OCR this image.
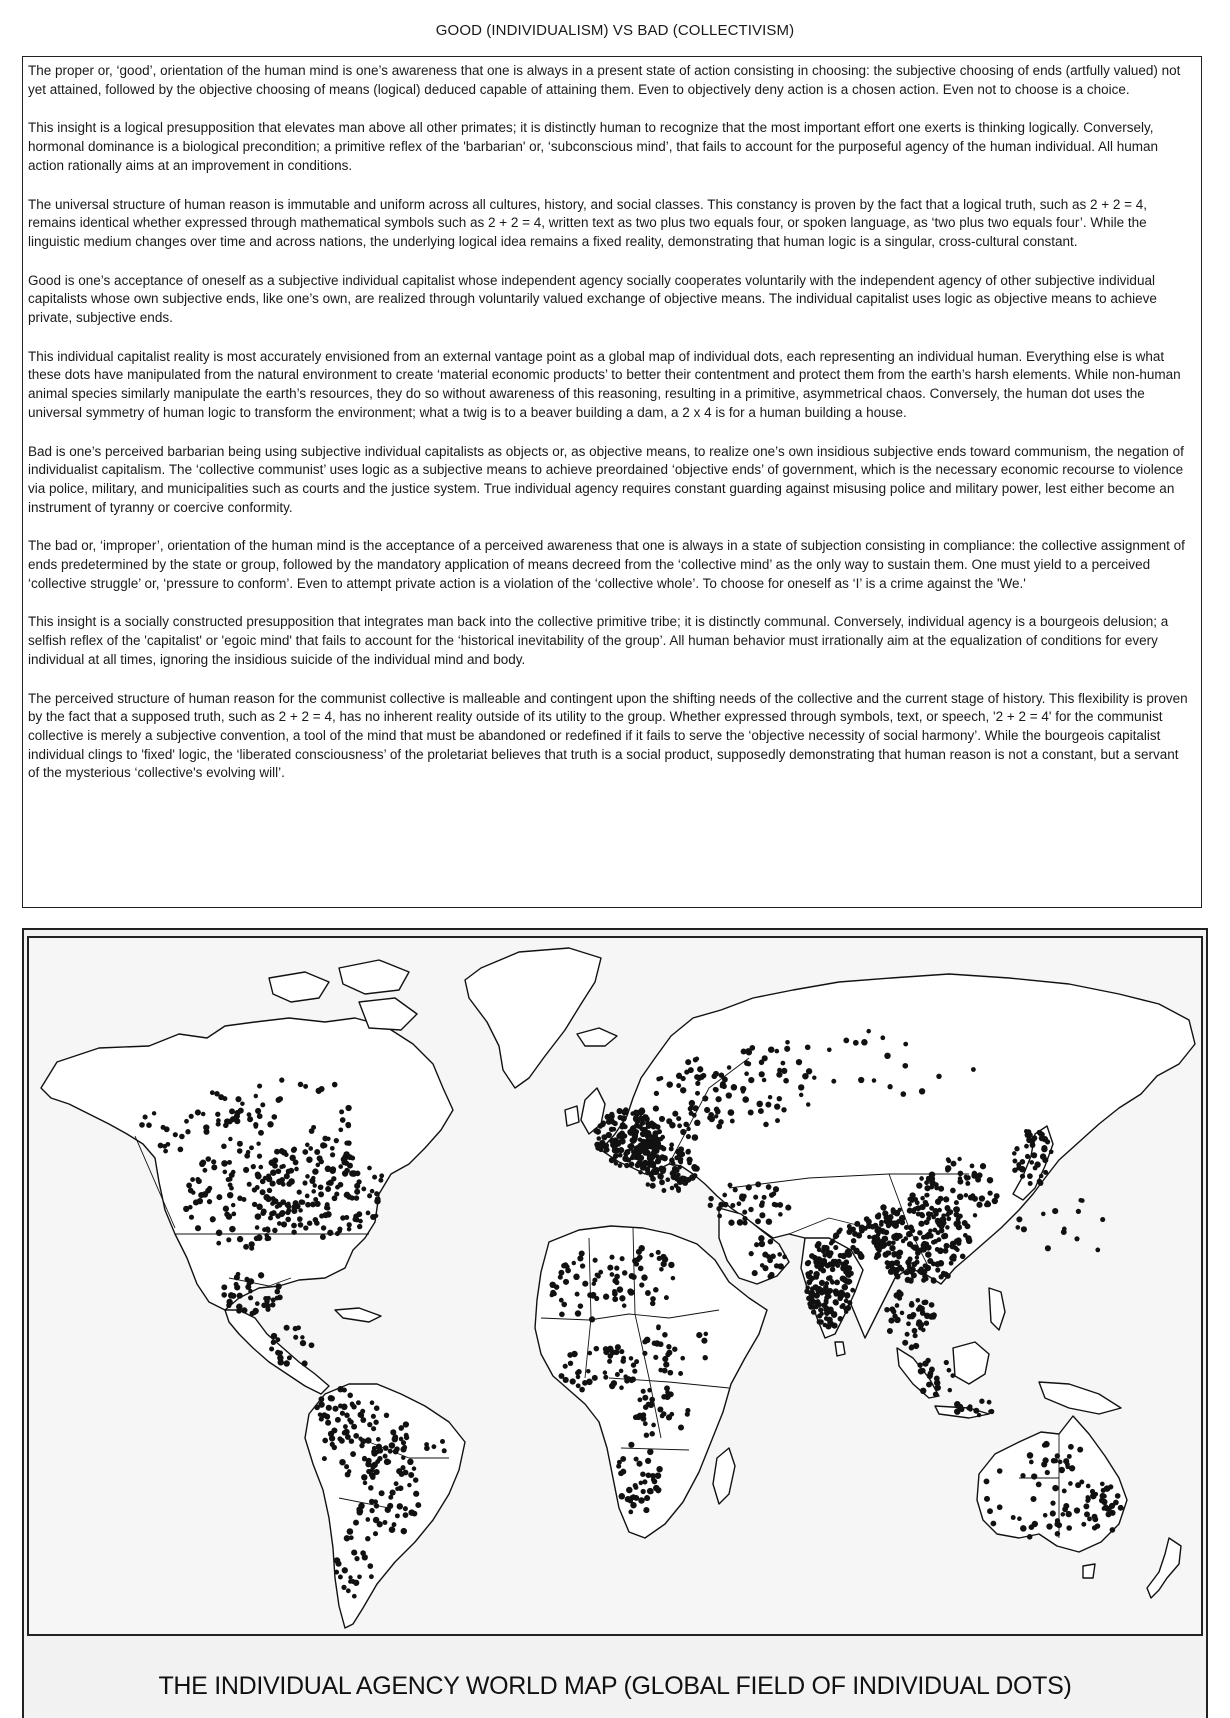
GOOD (INDIVIDUALISM) VS BAD (COLLECTIVISM)

The proper or, ‘good’, orientation of the human mind is one’s awareness that one is always in a present state of action consisting in choosing: the subjective choosing of ends (artfully valued) not yet attained, followed by the objective choosing of means (logical) deduced capable of attaining them. Even to objectively deny action is a chosen action. Even not to choose is a choice.

This insight is a logical presupposition that elevates man above all other primates; it is distinctly human to recognize that the most important effort one exerts is thinking logically. Conversely, hormonal dominance is a biological precondition; a primitive reflex of the 'barbarian' or, ‘subconscious mind’, that fails to account for the purposeful agency of the human individual. All human action rationally aims at an improvement in conditions.

The universal structure of human reason is immutable and uniform across all cultures, history, and social classes. This constancy is proven by the fact that a logical truth, such as 2 + 2 = 4, remains identical whether expressed through mathematical symbols such as 2 + 2 = 4, written text as two plus two equals four, or spoken language, as ‘two plus two equals four’. While the linguistic medium changes over time and across nations, the underlying logical idea remains a fixed reality, demonstrating that human logic is a singular, cross-cultural constant.

Good is one’s acceptance of oneself as a subjective individual capitalist whose independent agency socially cooperates voluntarily with the independent agency of other subjective individual capitalists whose own subjective ends, like one’s own, are realized through voluntarily valued exchange of objective means. The individual capitalist uses logic as objective means to achieve private, subjective ends.

This individual capitalist reality is most accurately envisioned from an external vantage point as a global map of individual dots, each representing an individual human. Everything else is what these dots have manipulated from the natural environment to create ‘material economic products’ to better their contentment and protect them from the earth’s harsh elements. While non-human animal species similarly manipulate the earth’s resources, they do so without awareness of this reasoning, resulting in a primitive, asymmetrical chaos. Conversely, the human dot uses the universal symmetry of human logic to transform the environment; what a twig is to a beaver building a dam, a 2 x 4 is for a human building a house.

Bad is one’s perceived barbarian being using subjective individual capitalists as objects or, as objective means, to realize one’s own insidious subjective ends toward communism, the negation of individualist capitalism. The ‘collective communist’ uses logic as a subjective means to achieve preordained ‘objective ends’ of government, which is the necessary economic recourse to violence via police, military, and municipalities such as courts and the justice system. True individual agency requires constant guarding against misusing police and military power, lest either become an instrument of tyranny or coercive conformity.

The bad or, ‘improper’, orientation of the human mind is the acceptance of a perceived awareness that one is always in a state of subjection consisting in compliance: the collective assignment of ends predetermined by the state or group, followed by the mandatory application of means decreed from the ‘collective mind’ as the only way to sustain them. One must yield to a perceived ‘collective struggle’ or, ‘pressure to conform’. Even to attempt private action is a violation of the ‘collective whole’. To choose for oneself as ‘I’ is a crime against the 'We.'

This insight is a socially constructed presupposition that integrates man back into the collective primitive tribe; it is distinctly communal. Conversely, individual agency is a bourgeois delusion; a selfish reflex of the 'capitalist' or 'egoic mind' that fails to account for the ‘historical inevitability of the group’. All human behavior must irrationally aim at the equalization of conditions for every individual at all times, ignoring the insidious suicide of the individual mind and body.

The perceived structure of human reason for the communist collective is malleable and contingent upon the shifting needs of the collective and the current stage of history. This flexibility is proven by the fact that a supposed truth, such as 2 + 2 = 4, has no inherent reality outside of its utility to the group. Whether expressed through symbols, text, or speech, '2 + 2 = 4' for the communist collective is merely a subjective convention, a tool of the mind that must be abandoned or redefined if it fails to serve the ‘objective necessity of social harmony’. While the bourgeois capitalist individual clings to 'fixed' logic, the ‘liberated consciousness’ of the proletariat believes that truth is a social product, supposedly demonstrating that human reason is not a constant, but a servant of the mysterious ‘collective's evolving will’.

THE INDIVIDUAL AGENCY WORLD MAP (GLOBAL FIELD OF INDIVIDUAL DOTS)
